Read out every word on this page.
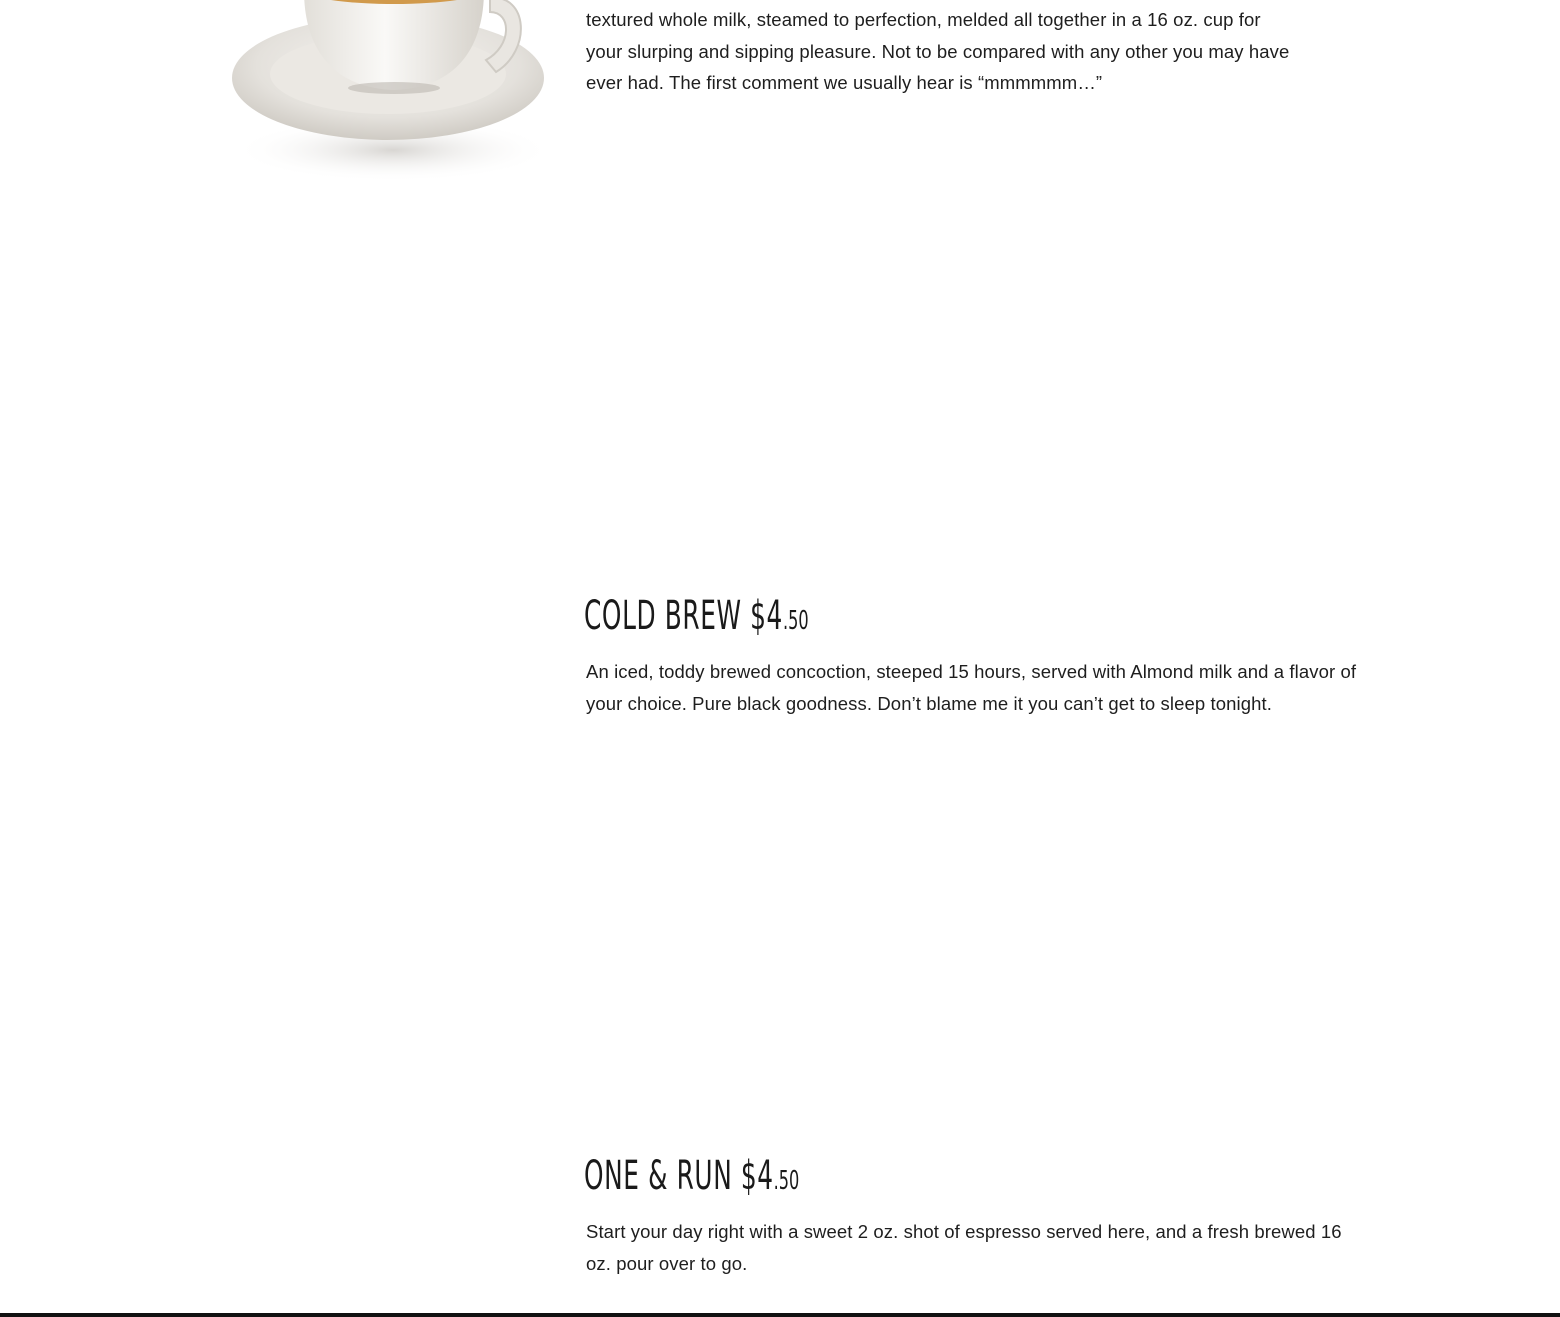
textured whole milk, steamed to perfection, melded all together in a 16 oz. cup for
your slurping and sipping pleasure. Not to be compared with any other you may have
ever had. The first comment we usually hear is “mmmmmm…”

COLD BREW $4.50

An iced, toddy brewed concoction, steeped 15 hours, served with Almond milk and a flavor of your choice. Pure black goodness. Don’t blame me it you can’t get to sleep tonight.

ONE & RUN $4.50

Start your day right with a sweet 2 oz. shot of espresso served here, and a fresh brewed 16 oz. pour over to go.
